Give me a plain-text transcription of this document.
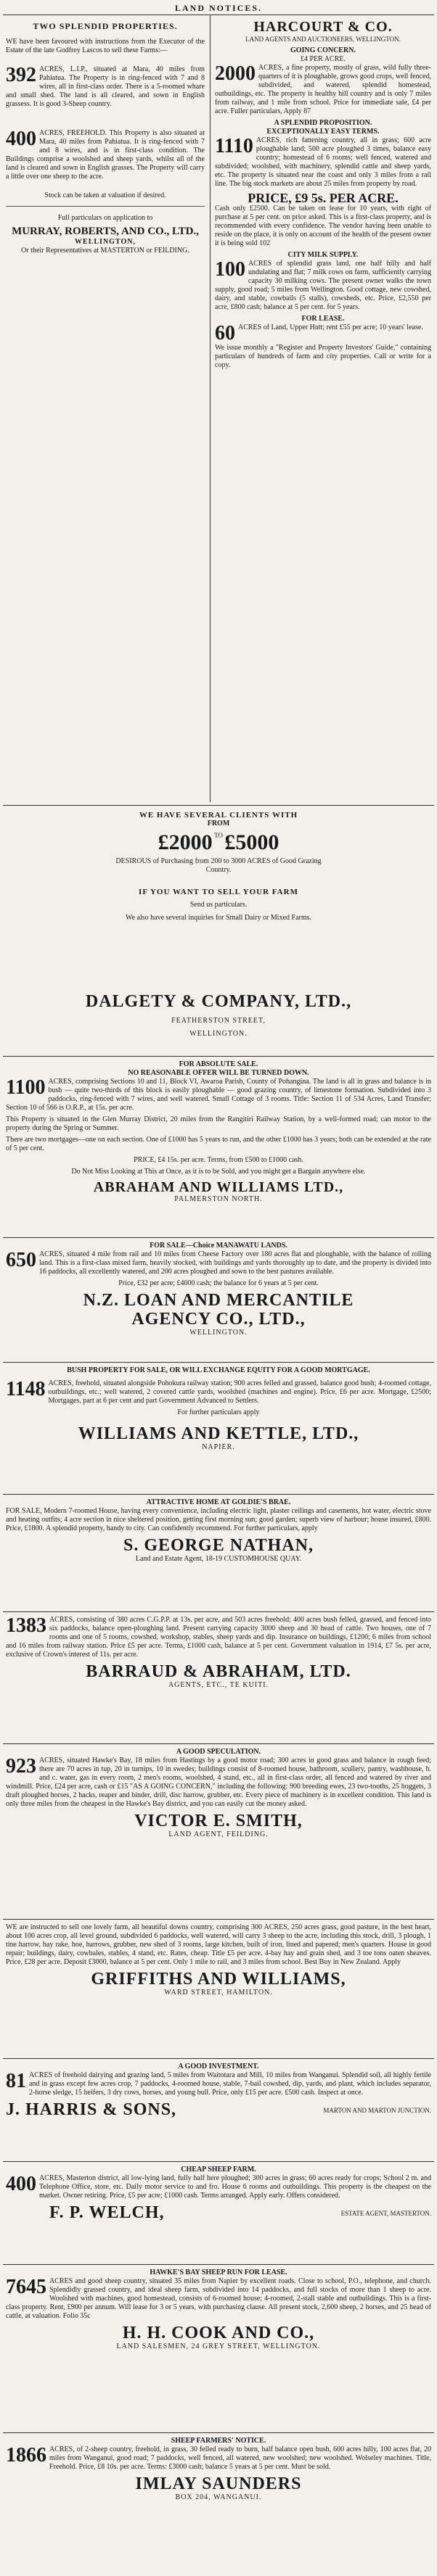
LAND NOTICES.
TWO SPLENDID PROPERTIES.

WE have been favoured with instructions from the Executor of the Estate of the late Godfrey Lascos to sell these Farms:—

392 ACRES, L.I.P., situated at Mara, 40 miles from Pahiatua. The Property is in ring-fenced with 7 and 8 wires, all in first-class order. There is a 5-roomed whare and small shed. The land is all cleared, and sown in English grassess. It is good 3-Sheep country.

400 ACRES, FREEHOLD. This Property is also situated at Mara, 40 miles from Pahiatua. It is ring-fenced with 7 and 8 wires, and is in first-class condition. The Buildings comprise a woolshed and sheep yards, whilst all of the land is cleared and sown in English grasses. The Property will carry a little over one sheep to the acre.

Stock can be taken at valuation if desired.

Full particulars on application to

MURRAY, ROBERTS, AND CO., LTD.,
WELLINGTON,
Or their Representatives at MASTERTON or FEILDING.
HARCOURT & CO.
LAND AGENTS AND AUCTIONEERS, WELLINGTON.
GOING CONCERN.
£4 PER ACRE.

2000 ACRES, a fine property, mostly of grass, wild fully three-quarters of it is ploughable, grows good crops, well fenced, subdivided, and watered, splendid homestead, outbuildings, etc. The property is healthy hill country and is only 7 miles from railway, and 1 mile from school. Price for immediate sale, £4 per acre. Fuller particulars, Apply 87

A SPLENDID PROPOSITION.
EXCEPTIONALLY EASY TERMS.

1110 ACRES, rich fattening country, all in grass; 600 acre ploughable land; 500 acre ploughed 3 times, balance easy country; homestead of 6 rooms; well fenced, watered and subdivided; woolshed, with machinery, splendid cattle and sheep yards, etc. The property is situated near the coast and only 3 miles from a rail line. The big stock markets are about 25 miles from property by road.

PRICE, £9 5s. PER ACRE.

Cash only £2500. Can be taken on lease for 10 years, with right of purchase at 5 per cent. on price asked. This is a first-class property, and is recommended with every confidence. The vendor having been unable to reside on the place, it is only on account of the health of the present owner it is being sold 102

CITY MILK SUPPLY.

100 ACRES of splendid grass land, one half hilly and half undulating and flat; 7 milk cows on farm, sufficiently carrying capacity 30 milking cows. The present owner walks the town supply, good road; 5 miles from Wellington. Good cottage, new cowshed, dairy, and stable, cowbails (5 stalls), cowsheds, etc. Price, £2,550 per acre, £800 cash; balance at 5 per cent. for 5 years.

FOR LEASE.

60 ACRES of Land, Upper Hutt; rent £55 per acre; 10 years' lease.

We issue monthly a "Register and Property Investors' Guide," containing particulars of hundreds of farm and city properties. Call or write for a copy.

WE HAVE SEVERAL CLIENTS WITH
FROM
£2000 TO £5000
DESIROUS of Purchasing from 200 to 3000 ACRES of Good Grazing Country.
IF YOU WANT TO SELL YOUR FARM
Send us particulars.
We also have several inquiries for Small Dairy or Mixed Farms.
DALGETY & COMPANY, LTD.,
FEATHERSTON STREET,
WELLINGTON.
FOR ABSOLUTE SALE.
NO REASONABLE OFFER WILL BE TURNED DOWN.

1100 ACRES, comprising Sections 10 and 11, Block VI, Awaroa Parish, County of Pohangina. The land is all in grass and balance is in bush — quite two-thirds of this block is easily ploughable — good grazing country, of limestone formation. Subdivided into 3 paddocks, ring-fenced with 7 wires, and well watered. Small Cottage of 3 rooms. Title: Section 11 of 534 Acres, Land Transfer; Section 10 of 566 is O.R.P., at 15s. per acre.

This Property is situated in the Glen Murray District, 20 miles from the Rangitiri Railway Station, by a well-formed road; can motor to the property during the Spring or Summer.

There are two mortgages—one on each section. One of £1000 has 5 years to run, and the other £1000 has 3 years; both can be extended at the rate of 5 per cent.

PRICE, £4 15s. per acre. Terms, from £500 to £1000 cash.

Do Not Miss Looking at This at Once, as it is to be Sold, and you might get a Bargain anywhere else.

ABRAHAM AND WILLIAMS LTD.,
PALMERSTON NORTH.
FOR SALE—Choice MANAWATU LANDS.

650 ACRES, situated 4 mile from rail and 10 miles from Cheese Factory over 180 acres flat and ploughable, with the balance of rolling land. This is a first-class mixed farm, heavily stocked, with buildings and yards thoroughly up to date, and the property is divided into 16 paddocks, all excellently watered, and 200 acres ploughed and sown to the best pastures available.

Price, £32 per acre; £4000 cash; the balance for 6 years at 5 per cent.

N.Z. LOAN AND MERCANTILE
AGENCY CO., LTD.,
WELLINGTON.
BUSH PROPERTY FOR SALE, OR WILL EXCHANGE EQUITY FOR A GOOD MORTGAGE.

1148 ACRES, freehold, situated alongside Pohokura railway station; 900 acres felled and grassed, balance good bush; 4-roomed cottage, outbuildings, etc.; well watered, 2 covered cattle yards, woolshed (machines and engine). Price, £6 per acre. Mortgage, £2500; Mortgages, part at 6 per cent and part Government Advanced to Settlers.

For further particulars apply

WILLIAMS AND KETTLE, LTD.,
NAPIER.
ATTRACTIVE HOME AT GOLDIE'S BRAE.

FOR SALE, Modern 7-roomed House, having every convenience, including electric light, plaster ceilings and casements, hot water, electric stove and heating outfits; 4 acre section in nice sheltered position, getting first morning sun; good garden; superb view of harbour; house insured, £800. Price, £1800. A splendid property, handy to city. Can confidently recommend. For further particulars, apply

S. GEORGE NATHAN,
Land and Estate Agent, 18-19 CUSTOMHOUSE QUAY.

1383 ACRES, consisting of 380 acres C.G.P.P. at 13s. per acre, and 503 acres freehold; 400 acres bush felled, grassed, and fenced into six paddocks, balance open-ploughing land. Present carrying capacity 3000 sheep and 30 head of cattle. Two houses, one of 7 rooms and one of 5 rooms, cowshed, workshop, stables, sheep yards and dip. Insurance on buildings, £1200; 6 miles from school and 16 miles from railway station. Price £5 per acre. Terms, £1000 cash, balance at 5 per cent. Government valuation in 1914, £7 5s. per acre, exclusive of Crown's interest of 11s. per acre.

BARRAUD & ABRAHAM, LTD.
AGENTS, ETC., TE KUITI.
A GOOD SPECULATION.

923 ACRES, situated Hawke's Bay, 18 miles from Hastings by a good motor road; 300 acres in good grass and balance in rough feed; there are 70 acres in tup, 20 in turnips, 10 in swedes; buildings consist of 8-roomed house, bathroom, scullery, pantry, washhouse, h. and c. water, gas in every room, 2 men's rooms, woolshed, 4 stand, etc., all in first-class order, all fenced and watered by river and windmill. Price, £24 per acre, cash or £15 "AS A GOING CONCERN," including the following: 900 breeding ewes, 23 two-tooths, 25 hoggets, 3 draft ploughed horses, 2 hacks, reaper and binder, drill, disc harrow, grubber, etc. Every piece of machinery is in excellent condition. This land is only three miles from the cheapest in the Hawke's Bay district, and you can easily cut the money asked.

VICTOR E. SMITH,
LAND AGENT, FEILDING.

WE are instructed to sell one lovely farm, all beautiful downs country, comprising 300 ACRES, 250 acres grass, good pasture, in the best heart, about 100 acres crop, all level ground, subdivided 6 paddocks, well watered, will carry 3 sheep to the acre, including this stock, drill, 3 plough, 1 tine harrow, hay rake, hoe, harrows, grubber, new shed of 3 rooms, large kitchen, built of iron, lined and papered; men's quarters. House in good repair; buildings, dairy, cowbales, stables, 4 stand, etc. Rates, cheap. Title £5 per acre. 4-bay hay and grain shed, and 3 toe tons oaten sheaves. Price, £28 per acre. Deposit £3000, balance at 5 per cent. Only 1 mile to rail, and 3 miles from school. Best Buy in New Zealand. Apply

GRIFFITHS AND WILLIAMS,
WARD STREET, HAMILTON.
A GOOD INVESTMENT.

81 ACRES of freehold dairying and grazing land, 5 miles from Waitotara and Mill, 10 miles from Wanganui. Splendid soil, all highly fertile and in grass except few acres crop, 7 paddocks, 4-roomed house, stable, 7-bail cowshed, dip, yards, and plant, which includes separator, 2-horse sledge, 15 heifers, 3 dry cows, horses, and young bull. Price, only £15 per acre. £500 cash. Inspect at once.

J. HARRIS & SONS,	MARTON AND MARTON JUNCTION.
CHEAP SHEEP FARM.

400 ACRES, Masterton district, all low-lying land, fully half here ploughed; 300 acres in grass; 60 acres ready for crops; School 2 m. and Telephone Office, store, etc. Daily motor service to and fro. House 6 rooms and outbuildings. This property is the cheapest on the market. Owner retiring. Price, £5 per acre; £1000 cash. Terms arranged. Apply early. Offers considered.

F. P. WELCH,	ESTATE AGENT, MASTERTON.
HAWKE'S BAY SHEEP RUN FOR LEASE.

7645 ACRES and good sheep country, situated 35 miles from Napier by excellent roads. Close to school, P.O., telephone, and church. Splendidly grassed country, and ideal sheep farm, subdivided into 14 paddocks, and full stocks of more than 1 sheep to acre. Woolshed with machines, good homestead, consists of 6-roomed house; 4-roomed, 2-stall stable and outbuildings. This is a first-class property. Rent, £900 per annum. Will lease for 3 or 5 years, with purchasing clause. All present stock, 2,600 sheep, 2 horses, and 25 head of cattle, at valuation. Folio 35c

H. H. COOK AND CO.,
LAND SALESMEN, 24 GREY STREET, WELLINGTON.
SHEEP FARMERS' NOTICE.

1866 ACRES, of 2-sheep country, freehold, in grass, 30 felled ready to burn, half balance open bush, 600 acres hilly, 100 acres flat, 20 miles from Wanganui, good road; 7 paddocks, well fenced, all watered, new woolshed; new woolshed. Wolseley machines. Title, Freehold. Price, £8 10s. per acre. Terms: £3000 cash; balance 5 years at 5 per cent. Must be sold.

IMLAY SAUNDERS
BOX 204, WANGANUI.
